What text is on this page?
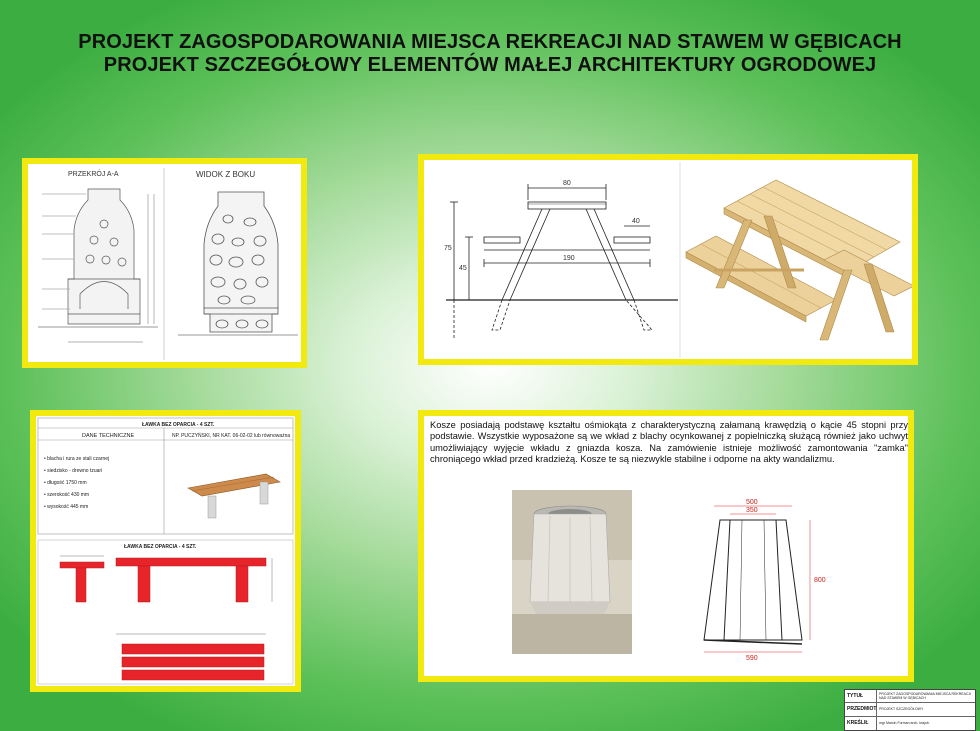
PROJEKT ZAGOSPODAROWANIA MIEJSCA REKREACJI NAD STAWEM W GĘBICACH
PROJEKT SZCZEGÓŁOWY ELEMENTÓW MAŁEJ ARCHITEKTURY OGRODOWEJ
PRZEKRÓJ A-A	WIDOK Z BOKU
80
190
40
75
45
ŁAWKA BEZ OPARCIA - 4 SZT.
DANE TECHNICZNE	NP. PUCZYŃSKI, NR KAT. 06-02-02 lub równoważna
• blacha i rura ze stali czarnej
• siedzisko - drewno tzuari
• długość 1750 mm
• szerokość 430 mm
• wysokość 445 mm
ŁAWKA BEZ OPARCIA - 4 SZT.
Kosze posiadają podstawę kształtu ośmiokąta z charakterystyczną załamaną krawędzią o kącie 45 stopni przy podstawie. Wszystkie wyposażone są we wkład z blachy ocynkowanej z popielniczką służącą również jako uchwyt umożliwiający wyjęcie wkładu z gniazda kosza. Na zamówienie istnieje możliwość zamontowania "zamka" chroniącego wkład przed kradzieżą. Kosze te są niezwykle stabilne i odporne na akty wandalizmu.
500
350
800
590
TYTUŁ	PROJEKT ZAGOSPODAROWANIA MIEJSCA REKREACJI NAD STAWEM W GĘBICACH
PRZEDMIOT PROJEKT SZCZEGÓŁOWY
KREŚLIŁ	mgr Marcin Furman arch. krajob.
